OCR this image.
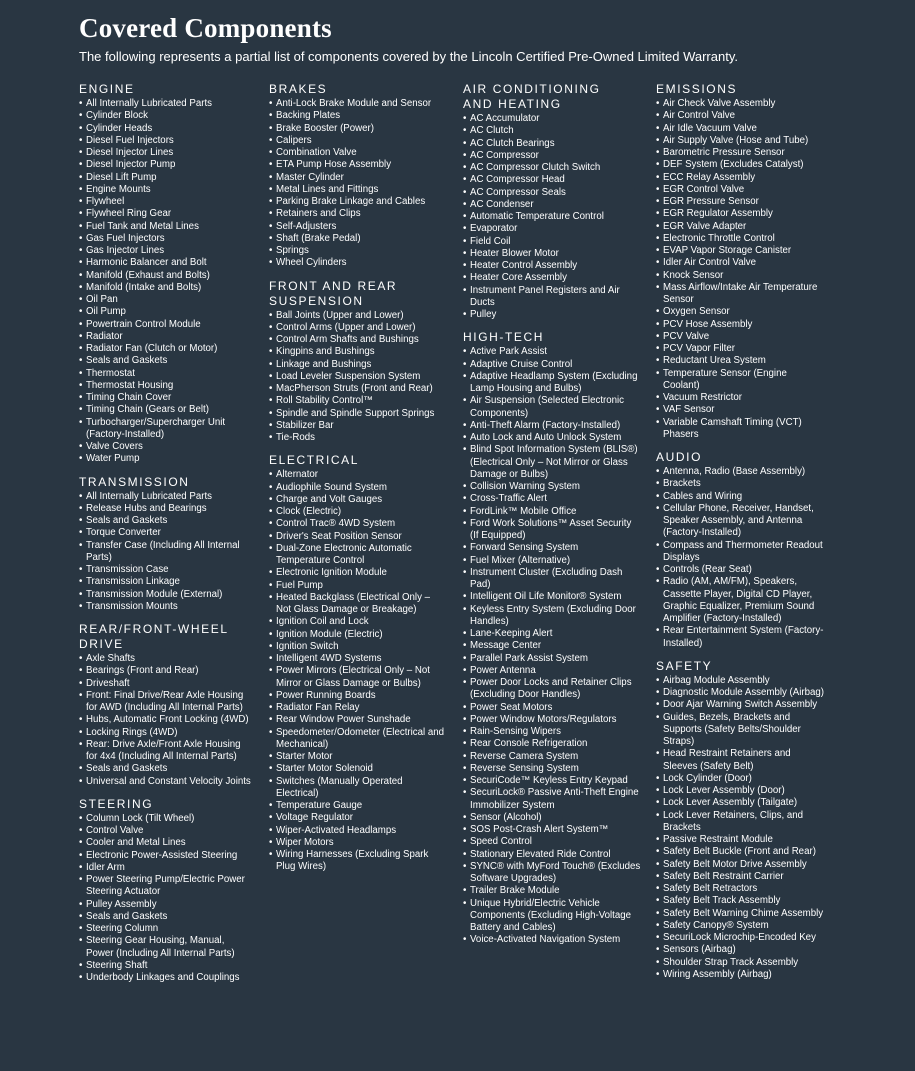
Covered Components

The following represents a partial list of components covered by the Lincoln Certified Pre-Owned Limited Warranty.

ENGINE
• All Internally Lubricated Parts
• Cylinder Block
• Cylinder Heads
• Diesel Fuel Injectors
• Diesel Injector Lines
• Diesel Injector Pump
• Diesel Lift Pump
• Engine Mounts
• Flywheel
• Flywheel Ring Gear
• Fuel Tank and Metal Lines
• Gas Fuel Injectors
• Gas Injector Lines
• Harmonic Balancer and Bolt
• Manifold (Exhaust and Bolts)
• Manifold (Intake and Bolts)
• Oil Pan
• Oil Pump
• Powertrain Control Module
• Radiator
• Radiator Fan (Clutch or Motor)
• Seals and Gaskets
• Thermostat
• Thermostat Housing
• Timing Chain Cover
• Timing Chain (Gears or Belt)
• Turbocharger/Supercharger Unit (Factory-Installed)
• Valve Covers
• Water Pump
TRANSMISSION
• All Internally Lubricated Parts
• Release Hubs and Bearings
• Seals and Gaskets
• Torque Converter
• Transfer Case (Including All Internal Parts)
• Transmission Case
• Transmission Linkage
• Transmission Module (External)
• Transmission Mounts
REAR/FRONT-WHEEL DRIVE
• Axle Shafts
• Bearings (Front and Rear)
• Driveshaft
• Front: Final Drive/Rear Axle Housing for AWD (Including All Internal Parts)
• Hubs, Automatic Front Locking (4WD)
• Locking Rings (4WD)
• Rear: Drive Axle/Front Axle Housing for 4x4 (Including All Internal Parts)
• Seals and Gaskets
• Universal and Constant Velocity Joints
STEERING
• Column Lock (Tilt Wheel)
• Control Valve
• Cooler and Metal Lines
• Electronic Power-Assisted Steering
• Idler Arm
• Power Steering Pump/Electric Power Steering Actuator
• Pulley Assembly
• Seals and Gaskets
• Steering Column
• Steering Gear Housing, Manual, Power (Including All Internal Parts)
• Steering Shaft
• Underbody Linkages and Couplings
BRAKES
• Anti-Lock Brake Module and Sensor
• Backing Plates
• Brake Booster (Power)
• Calipers
• Combination Valve
• ETA Pump Hose Assembly
• Master Cylinder
• Metal Lines and Fittings
• Parking Brake Linkage and Cables
• Retainers and Clips
• Self-Adjusters
• Shaft (Brake Pedal)
• Springs
• Wheel Cylinders
FRONT AND REAR SUSPENSION
• Ball Joints (Upper and Lower)
• Control Arms (Upper and Lower)
• Control Arm Shafts and Bushings
• Kingpins and Bushings
• Linkage and Bushings
• Load Leveler Suspension System
• MacPherson Struts (Front and Rear)
• Roll Stability Control™
• Spindle and Spindle Support Springs
• Stabilizer Bar
• Tie-Rods
ELECTRICAL
• Alternator
• Audiophile Sound System
• Charge and Volt Gauges
• Clock (Electric)
• Control Trac® 4WD System
• Driver's Seat Position Sensor
• Dual-Zone Electronic Automatic Temperature Control
• Electronic Ignition Module
• Fuel Pump
• Heated Backglass (Electrical Only – Not Glass Damage or Breakage)
• Ignition Coil and Lock
• Ignition Module (Electric)
• Ignition Switch
• Intelligent 4WD Systems
• Power Mirrors (Electrical Only – Not Mirror or Glass Damage or Bulbs)
• Power Running Boards
• Radiator Fan Relay
• Rear Window Power Sunshade
• Speedometer/Odometer (Electrical and Mechanical)
• Starter Motor
• Starter Motor Solenoid
• Switches (Manually Operated Electrical)
• Temperature Gauge
• Voltage Regulator
• Wiper-Activated Headlamps
• Wiper Motors
• Wiring Harnesses (Excluding Spark Plug Wires)
AIR CONDITIONING AND HEATING
• AC Accumulator
• AC Clutch
• AC Clutch Bearings
• AC Compressor
• AC Compressor Clutch Switch
• AC Compressor Head
• AC Compressor Seals
• AC Condenser
• Automatic Temperature Control
• Evaporator
• Field Coil
• Heater Blower Motor
• Heater Control Assembly
• Heater Core Assembly
• Instrument Panel Registers and Air Ducts
• Pulley
HIGH-TECH
• Active Park Assist
• Adaptive Cruise Control
• Adaptive Headlamp System (Excluding Lamp Housing and Bulbs)
• Air Suspension (Selected Electronic Components)
• Anti-Theft Alarm (Factory-Installed)
• Auto Lock and Auto Unlock System
• Blind Spot Information System (BLIS®) (Electrical Only – Not Mirror or Glass Damage or Bulbs)
• Collision Warning System
• Cross-Traffic Alert
• FordLink™ Mobile Office
• Ford Work Solutions™ Asset Security (If Equipped)
• Forward Sensing System
• Fuel Mixer (Alternative)
• Instrument Cluster (Excluding Dash Pad)
• Intelligent Oil Life Monitor® System
• Keyless Entry System (Excluding Door Handles)
• Lane-Keeping Alert
• Message Center
• Parallel Park Assist System
• Power Antenna
• Power Door Locks and Retainer Clips (Excluding Door Handles)
• Power Seat Motors
• Power Window Motors/Regulators
• Rain-Sensing Wipers
• Rear Console Refrigeration
• Reverse Camera System
• Reverse Sensing System
• SecuriCode™ Keyless Entry Keypad
• SecuriLock® Passive Anti-Theft Engine Immobilizer System
• Sensor (Alcohol)
• SOS Post-Crash Alert System™
• Speed Control
• Stationary Elevated Ride Control
• SYNC® with MyFord Touch® (Excludes Software Upgrades)
• Trailer Brake Module
• Unique Hybrid/Electric Vehicle Components (Excluding High-Voltage Battery and Cables)
• Voice-Activated Navigation System
EMISSIONS
• Air Check Valve Assembly
• Air Control Valve
• Air Idle Vacuum Valve
• Air Supply Valve (Hose and Tube)
• Barometric Pressure Sensor
• DEF System (Excludes Catalyst)
• ECC Relay Assembly
• EGR Control Valve
• EGR Pressure Sensor
• EGR Regulator Assembly
• EGR Valve Adapter
• Electronic Throttle Control
• EVAP Vapor Storage Canister
• Idler Air Control Valve
• Knock Sensor
• Mass Airflow/Intake Air Temperature Sensor
• Oxygen Sensor
• PCV Hose Assembly
• PCV Valve
• PCV Vapor Filter
• Reductant Urea System
• Temperature Sensor (Engine Coolant)
• Vacuum Restrictor
• VAF Sensor
• Variable Camshaft Timing (VCT) Phasers
AUDIO
• Antenna, Radio (Base Assembly)
• Brackets
• Cables and Wiring
• Cellular Phone, Receiver, Handset, Speaker Assembly, and Antenna (Factory-Installed)
• Compass and Thermometer Readout Displays
• Controls (Rear Seat)
• Radio (AM, AM/FM), Speakers, Cassette Player, Digital CD Player, Graphic Equalizer, Premium Sound Amplifier (Factory-Installed)
• Rear Entertainment System (Factory-Installed)
SAFETY
• Airbag Module Assembly
• Diagnostic Module Assembly (Airbag)
• Door Ajar Warning Switch Assembly
• Guides, Bezels, Brackets and Supports (Safety Belts/Shoulder Straps)
• Head Restraint Retainers and Sleeves (Safety Belt)
• Lock Cylinder (Door)
• Lock Lever Assembly (Door)
• Lock Lever Assembly (Tailgate)
• Lock Lever Retainers, Clips, and Brackets
• Passive Restraint Module
• Safety Belt Buckle (Front and Rear)
• Safety Belt Motor Drive Assembly
• Safety Belt Restraint Carrier
• Safety Belt Retractors
• Safety Belt Track Assembly
• Safety Belt Warning Chime Assembly
• Safety Canopy® System
• SecuriLock Microchip-Encoded Key
• Sensors (Airbag)
• Shoulder Strap Track Assembly
• Wiring Assembly (Airbag)
